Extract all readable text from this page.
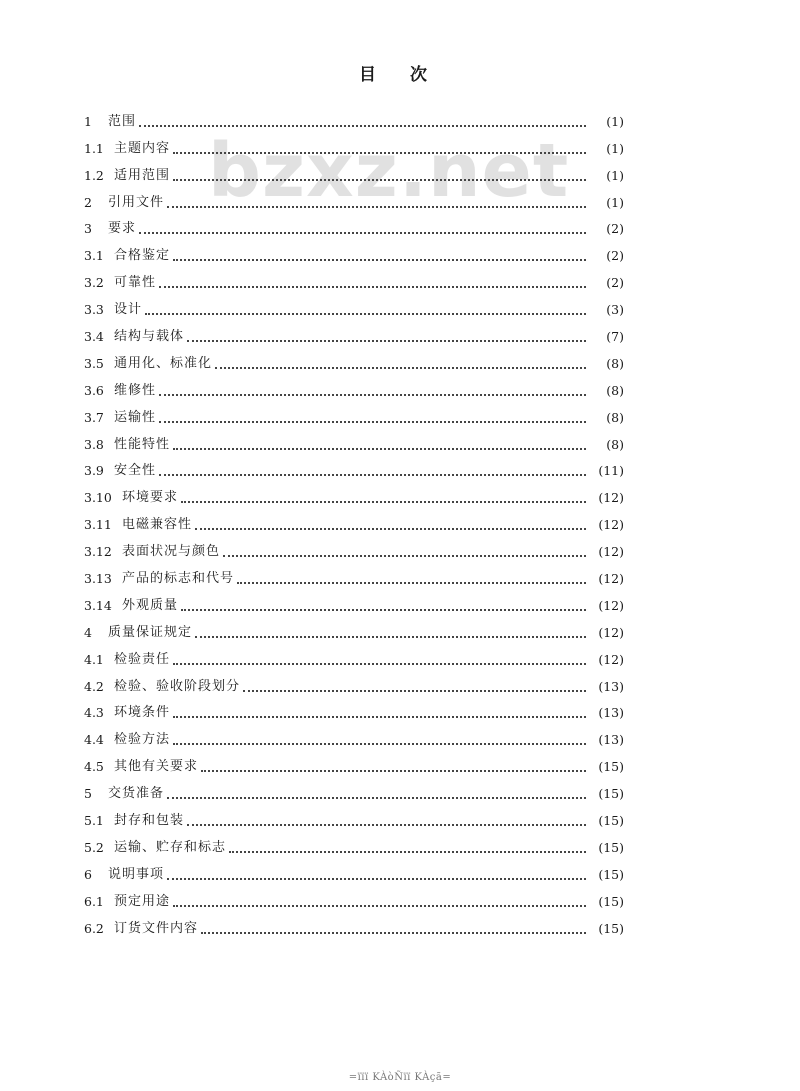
bzxz.net
目 次
1	范围	(1)
1.1 主题内容	(1)
1.2 适用范围	(1)
2	引用文件	(1)
3	要求	(2)
3.1 合格鉴定	(2)
3.2 可靠性	(2)
3.3 设计	(3)
3.4 结构与载体	(7)
3.5 通用化、标准化	(8)
3.6 维修性	(8)
3.7 运输性	(8)
3.8 性能特性	(8)
3.9 安全性	(11)
3.10 环境要求	(12)
3.11 电磁兼容性	(12)
3.12 表面状况与颜色	(12)
3.13 产品的标志和代号	(12)
3.14 外观质量	(12)
4	质量保证规定	(12)
4.1 检验责任	(12)
4.2 检验、验收阶段划分	(13)
4.3 环境条件	(13)
4.4 检验方法	(13)
4.5 其他有关要求	(15)
5	交货准备	(15)
5.1 封存和包装	(15)
5.2 运输、贮存和标志	(15)
6	说明事项	(15)
6.1 预定用途	(15)
6.2 订货文件内容	(15)
=ïïï KÀòÑïï KÀçã=
